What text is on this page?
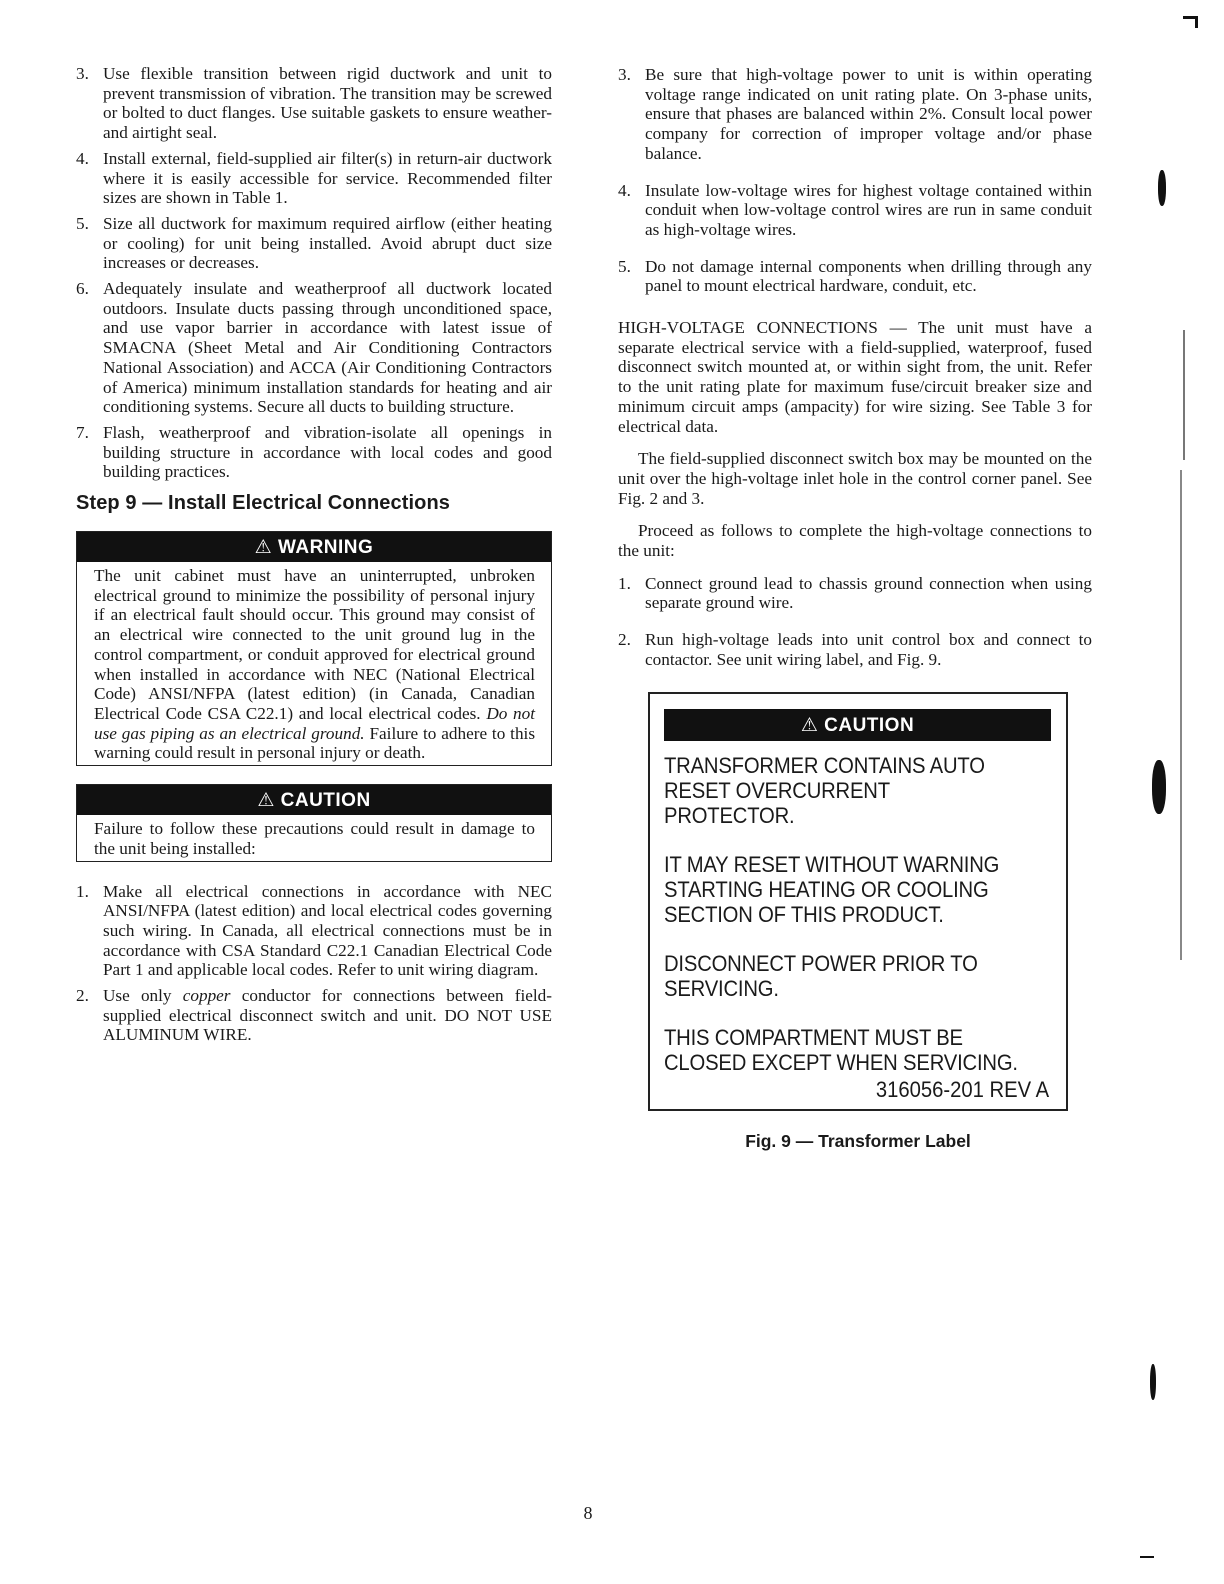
3. Use flexible transition between rigid ductwork and unit to prevent transmission of vibration. The transition may be screwed or bolted to duct flanges. Use suitable gaskets to ensure weather- and airtight seal.
4. Install external, field-supplied air filter(s) in return-air ductwork where it is easily accessible for service. Recommended filter sizes are shown in Table 1.
5. Size all ductwork for maximum required airflow (either heating or cooling) for unit being installed. Avoid abrupt duct size increases or decreases.
6. Adequately insulate and weatherproof all ductwork located outdoors. Insulate ducts passing through unconditioned space, and use vapor barrier in accordance with latest issue of SMACNA (Sheet Metal and Air Conditioning Contractors National Association) and ACCA (Air Conditioning Contractors of America) minimum installation standards for heating and air conditioning systems. Secure all ducts to building structure.
7. Flash, weatherproof and vibration-isolate all openings in building structure in accordance with local codes and good building practices.
Step 9 — Install Electrical Connections
⚠ WARNING
The unit cabinet must have an uninterrupted, unbroken electrical ground to minimize the possibility of personal injury if an electrical fault should occur. This ground may consist of an electrical wire connected to the unit ground lug in the control compartment, or conduit approved for electrical ground when installed in accordance with NEC (National Electrical Code) ANSI/NFPA (latest edition) (in Canada, Canadian Electrical Code CSA C22.1) and local electrical codes. Do not use gas piping as an electrical ground. Failure to adhere to this warning could result in personal injury or death.
⚠ CAUTION
Failure to follow these precautions could result in damage to the unit being installed:
1. Make all electrical connections in accordance with NEC ANSI/NFPA (latest edition) and local electrical codes governing such wiring. In Canada, all electrical connections must be in accordance with CSA Standard C22.1 Canadian Electrical Code Part 1 and applicable local codes. Refer to unit wiring diagram.
2. Use only copper conductor for connections between field-supplied electrical disconnect switch and unit. DO NOT USE ALUMINUM WIRE.
3. Be sure that high-voltage power to unit is within operating voltage range indicated on unit rating plate. On 3-phase units, ensure that phases are balanced within 2%. Consult local power company for correction of improper voltage and/or phase balance.
4. Insulate low-voltage wires for highest voltage contained within conduit when low-voltage control wires are run in same conduit as high-voltage wires.
5. Do not damage internal components when drilling through any panel to mount electrical hardware, conduit, etc.

HIGH-VOLTAGE CONNECTIONS — The unit must have a separate electrical service with a field-supplied, waterproof, fused disconnect switch mounted at, or within sight from, the unit. Refer to the unit rating plate for maximum fuse/circuit breaker size and minimum circuit amps (ampacity) for wire sizing. See Table 3 for electrical data.

The field-supplied disconnect switch box may be mounted on the unit over the high-voltage inlet hole in the control corner panel. See Fig. 2 and 3.

Proceed as follows to complete the high-voltage connections to the unit:

1. Connect ground lead to chassis ground connection when using separate ground wire.
2. Run high-voltage leads into unit control box and connect to contactor. See unit wiring label, and Fig. 9.
⚠ CAUTION

TRANSFORMER CONTAINS AUTO RESET OVERCURRENT PROTECTOR.

IT MAY RESET WITHOUT WARNING STARTING HEATING OR COOLING SECTION OF THIS PRODUCT.

DISCONNECT POWER PRIOR TO SERVICING.

THIS COMPARTMENT MUST BE CLOSED EXCEPT WHEN SERVICING.

316056-201 REV A
Fig. 9 — Transformer Label
8
